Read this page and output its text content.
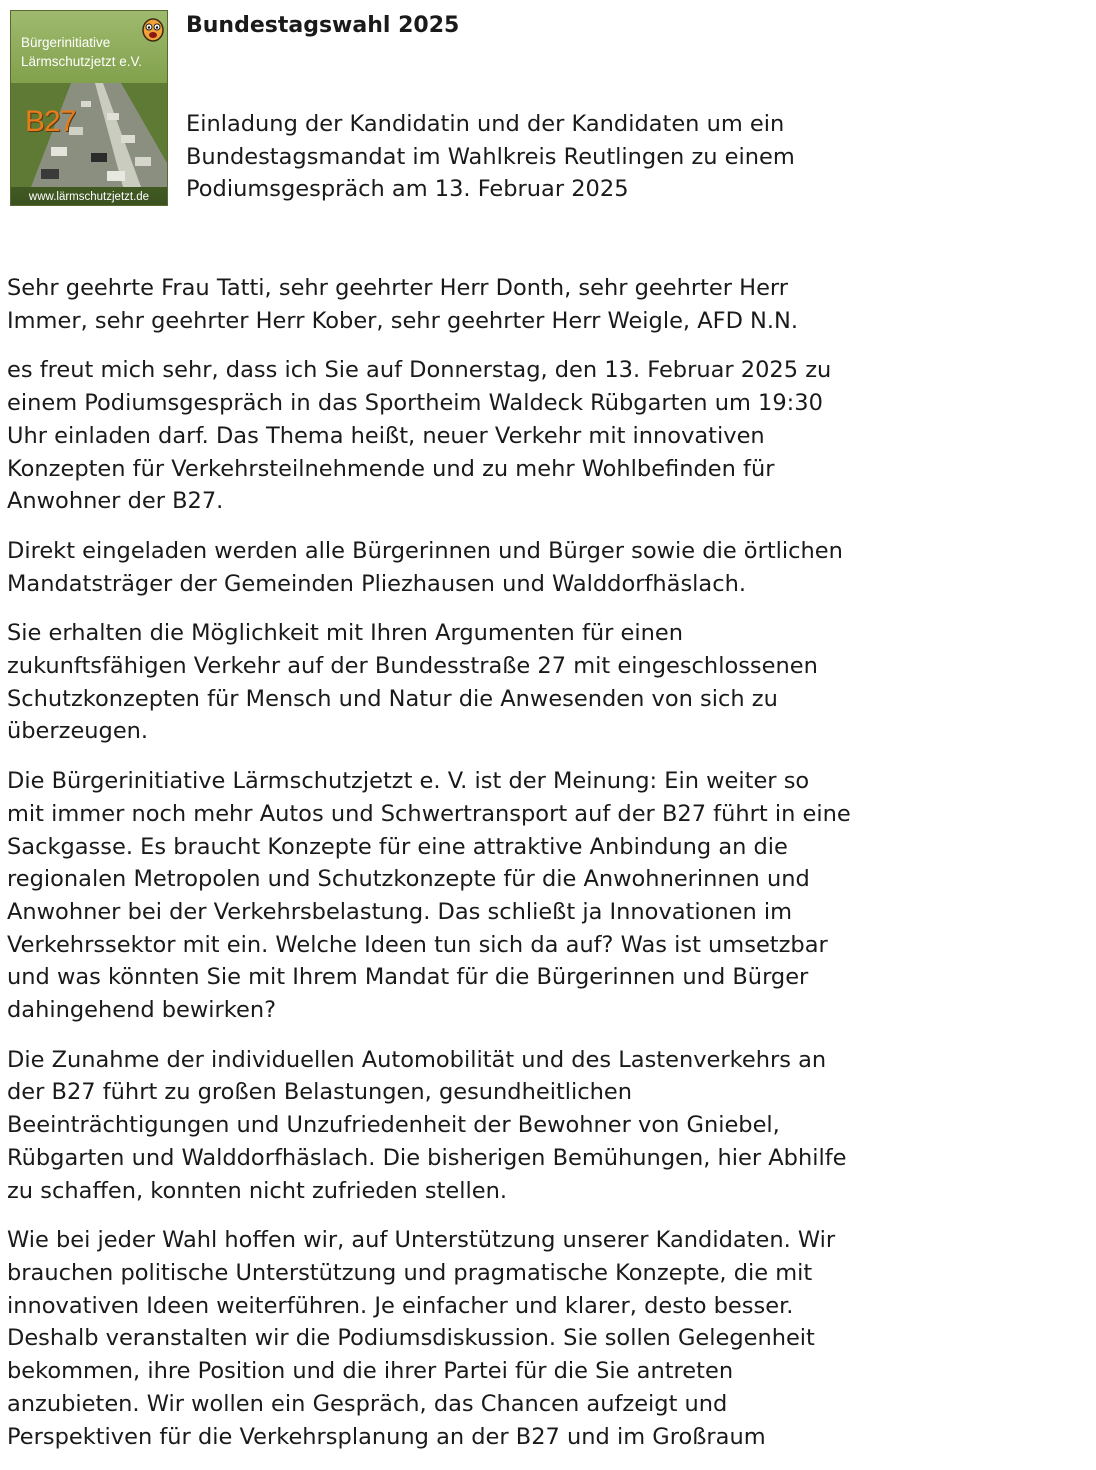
Bürgerinitiative
Lärmschutzjetzt e.V.
B27
www.lärmschutzjetzt.de
Bundestagswahl 2025
Einladung der Kandidatin und der Kandidaten um ein
Bundestagsmandat im Wahlkreis Reutlingen zu einem
Podiumsgespräch am 13. Februar 2025

Sehr geehrte Frau Tatti, sehr geehrter Herr Donth, sehr geehrter Herr
Immer, sehr geehrter Herr Kober, sehr geehrter Herr Weigle, AFD N.N.

es freut mich sehr, dass ich Sie auf Donnerstag, den 13. Februar 2025 zu
einem Podiumsgespräch in das Sportheim Waldeck Rübgarten um 19:30
Uhr einladen darf. Das Thema heißt, neuer Verkehr mit innovativen
Konzepten für Verkehrsteilnehmende und zu mehr Wohlbefinden für
Anwohner der B27.

Direkt eingeladen werden alle Bürgerinnen und Bürger sowie die örtlichen
Mandatsträger der Gemeinden Pliezhausen und Walddorfhäslach.

Sie erhalten die Möglichkeit mit Ihren Argumenten für einen
zukunftsfähigen Verkehr auf der Bundesstraße 27 mit eingeschlossenen
Schutzkonzepten für Mensch und Natur die Anwesenden von sich zu
überzeugen.

Die Bürgerinitiative Lärmschutzjetzt e. V. ist der Meinung: Ein weiter so
mit immer noch mehr Autos und Schwertransport auf der B27 führt in eine
Sackgasse. Es braucht Konzepte für eine attraktive Anbindung an die
regionalen Metropolen und Schutzkonzepte für die Anwohnerinnen und
Anwohner bei der Verkehrsbelastung. Das schließt ja Innovationen im
Verkehrssektor mit ein. Welche Ideen tun sich da auf? Was ist umsetzbar
und was könnten Sie mit Ihrem Mandat für die Bürgerinnen und Bürger
dahingehend bewirken?

Die Zunahme der individuellen Automobilität und des Lastenverkehrs an
der B27 führt zu großen Belastungen, gesundheitlichen
Beeinträchtigungen und Unzufriedenheit der Bewohner von Gniebel,
Rübgarten und Walddorfhäslach. Die bisherigen Bemühungen, hier Abhilfe
zu schaffen, konnten nicht zufrieden stellen.

Wie bei jeder Wahl hoffen wir, auf Unterstützung unserer Kandidaten. Wir
brauchen politische Unterstützung und pragmatische Konzepte, die mit
innovativen Ideen weiterführen. Je einfacher und klarer, desto besser.
Deshalb veranstalten wir die Podiumsdiskussion. Sie sollen Gelegenheit
bekommen, ihre Position und die ihrer Partei für die Sie antreten
anzubieten. Wir wollen ein Gespräch, das Chancen aufzeigt und
Perspektiven für die Verkehrsplanung an der B27 und im Großraum
